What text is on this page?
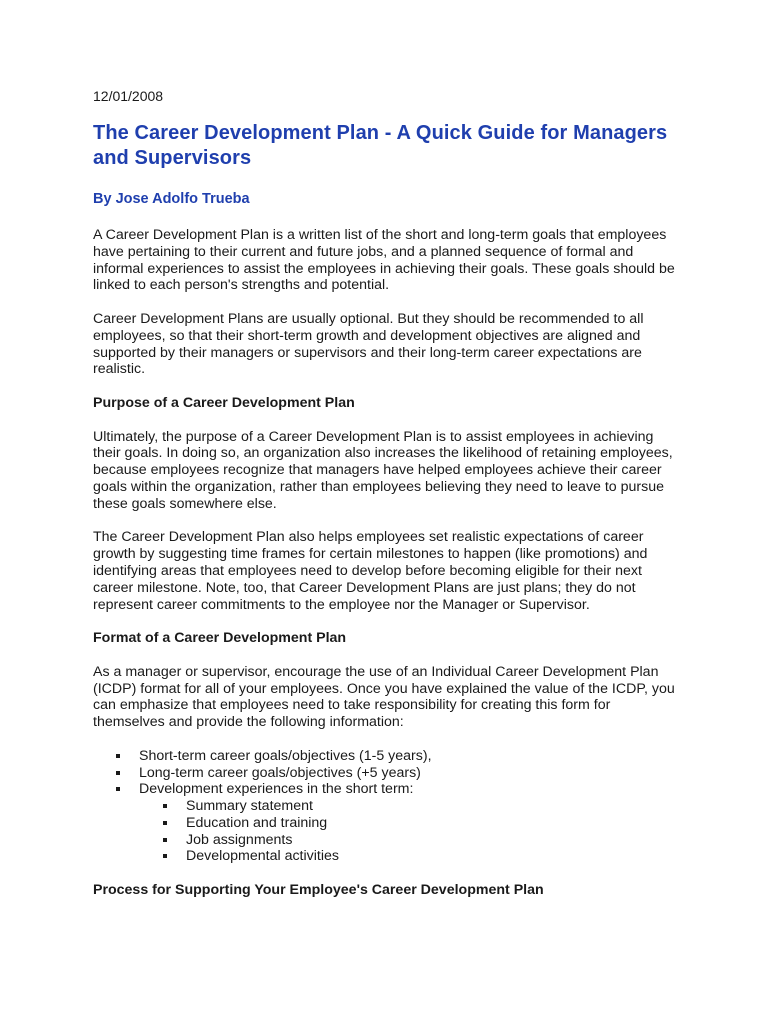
12/01/2008
The Career Development Plan - A Quick Guide for Managers and Supervisors
By Jose Adolfo Trueba

A Career Development Plan is a written list of the short and long-term goals that employees have pertaining to their current and future jobs, and a planned sequence of formal and informal experiences to assist the employees in achieving their goals. These goals should be linked to each person's strengths and potential.

Career Development Plans are usually optional. But they should be recommended to all employees, so that their short-term growth and development objectives are aligned and supported by their managers or supervisors and their long-term career expectations are realistic.

Purpose of a Career Development Plan

Ultimately, the purpose of a Career Development Plan is to assist employees in achieving their goals. In doing so, an organization also increases the likelihood of retaining employees, because employees recognize that managers have helped employees achieve their career goals within the organization, rather than employees believing they need to leave to pursue these goals somewhere else.

The Career Development Plan also helps employees set realistic expectations of career growth by suggesting time frames for certain milestones to happen (like promotions) and identifying areas that employees need to develop before becoming eligible for their next career milestone. Note, too, that Career Development Plans are just plans; they do not represent career commitments to the employee nor the Manager or Supervisor.

Format of a Career Development Plan

As a manager or supervisor, encourage the use of an Individual Career Development Plan (ICDP) format for all of your employees. Once you have explained the value of the ICDP, you can emphasize that employees need to take responsibility for creating this form for themselves and provide the following information:

Short-term career goals/objectives (1-5 years),
Long-term career goals/objectives (+5 years)
Development experiences in the short term:
Summary statement
Education and training
Job assignments
Developmental activities
Process for Supporting Your Employee's Career Development Plan
